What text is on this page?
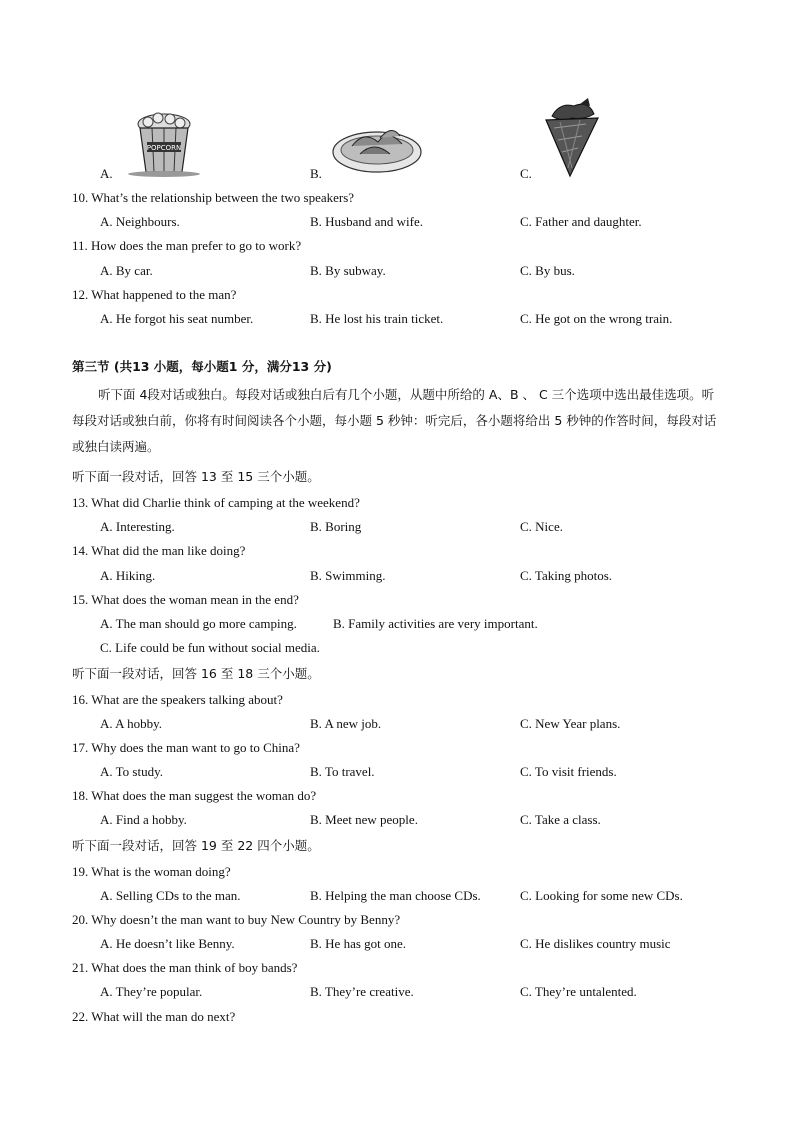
A.
POPCORN
B.	C.
10. What’s the relationship between the two speakers?
A. Neighbours.	B. Husband and wife.	C. Father and daughter.
11. How does the man prefer to go to work?
A. By car.	B. By subway.	C. By bus.
12. What happened to the man?
A. He forgot his seat number.	B. He lost his train ticket.	C. He got on the wrong train.
第三节 (共13 小题，每小题1 分，满分13 分)
听下面 4段对话或独白。每段对话或独白后有几个小题，从题中所给的 A、B 、 C 三个选项中选出最佳选项。听每段对话或独白前，你将有时间阅读各个小题，每小题 5 秒钟：听完后，各小题将给出 5 秒钟的作答时间，每段对话或独白读两遍。
听下面一段对话，回答 13 至 15 三个小题。
13. What did Charlie think of camping at the weekend?
A. Interesting.	B. Boring	C. Nice.
14. What did the man like doing?
A. Hiking.	B. Swimming.	C. Taking photos.
15. What does the woman mean in the end?
A. The man should go more camping.	B. Family activities are very important.
C. Life could be fun without social media.
听下面一段对话，回答 16 至 18 三个小题。
16. What are the speakers talking about?
A. A hobby.	B. A new job.	C. New Year plans.
17. Why does the man want to go to China?
A. To study.	B. To travel.	C. To visit friends.
18. What does the man suggest the woman do?
A. Find a hobby.	B. Meet new people.	C. Take a class.
听下面一段对话，回答 19 至 22 四个小题。
19. What is the woman doing?
A. Selling CDs to the man.	B. Helping the man choose CDs.	C. Looking for some new CDs.
20. Why doesn’t the man want to buy New Country by Benny?
A. He doesn’t like Benny.	B. He has got one.	C. He dislikes country music
21. What does the man think of boy bands?
A. They’re popular.	B. They’re creative.	C. They’re untalented.
22. What will the man do next?
